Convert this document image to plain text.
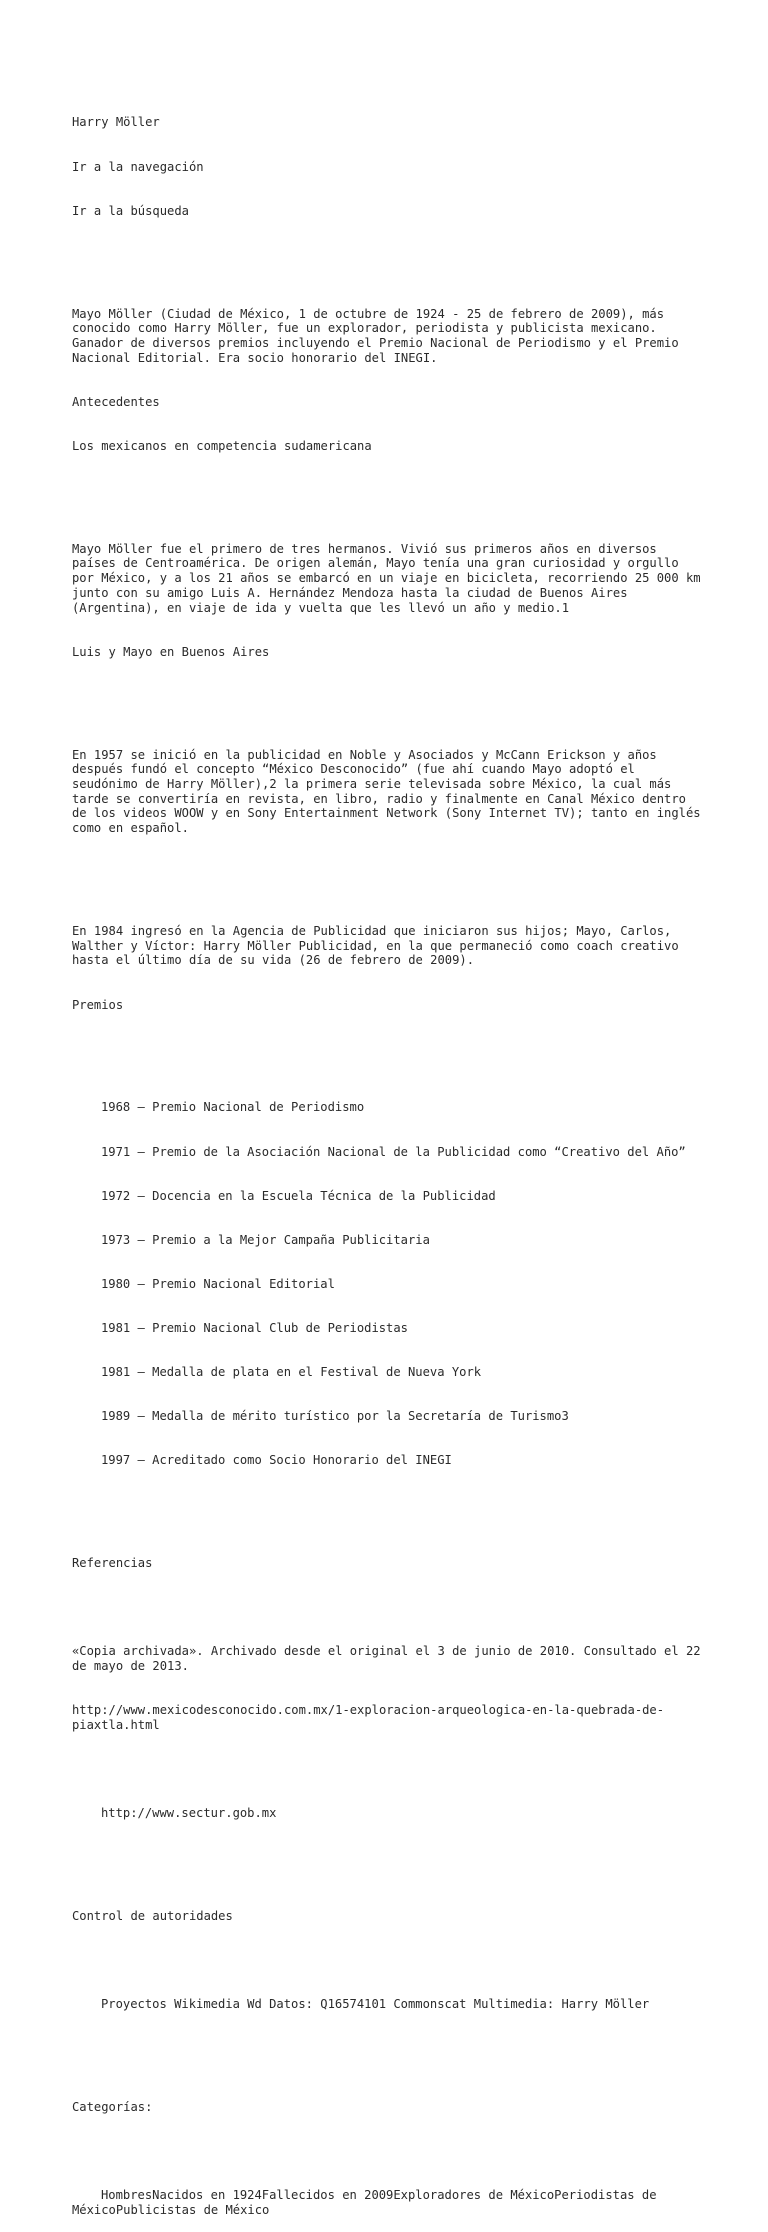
Harry Möller

Ir a la navegación

Ir a la búsqueda

Mayo Möller (Ciudad de México, 1 de octubre de 1924 - 25 de febrero de 2009), más conocido como Harry Möller, fue un explorador, periodista y publicista mexicano. Ganador de diversos premios incluyendo el Premio Nacional de Periodismo y el Premio Nacional Editorial. Era socio honorario del INEGI.

Antecedentes

Los mexicanos en competencia sudamericana

Mayo Möller fue el primero de tres hermanos. Vivió sus primeros años en diversos países de Centroamérica. De origen alemán, Mayo tenía una gran curiosidad y orgullo por México, y a los 21 años se embarcó en un viaje en bicicleta, recorriendo 25 000 km junto con su amigo Luis A. Hernández Mendoza hasta la ciudad de Buenos Aires (Argentina), en viaje de ida y vuelta que les llevó un año y medio.1

Luis y Mayo en Buenos Aires

En 1957 se inició en la publicidad en Noble y Asociados y McCann Erickson y años después fundó el concepto “México Desconocido” (fue ahí cuando Mayo adoptó el seudónimo de Harry Möller),2 la primera serie televisada sobre México, la cual más tarde se convertiría en revista, en libro, radio y finalmente en Canal México dentro de los videos WOOW y en Sony Entertainment Network (Sony Internet TV); tanto en inglés como en español.

En 1984 ingresó en la Agencia de Publicidad que iniciaron sus hijos; Mayo, Carlos, Walther y Víctor: Harry Möller Publicidad, en la que permaneció como coach creativo hasta el último día de su vida (26 de febrero de 2009).

Premios

1968 – Premio Nacional de Periodismo

1971 – Premio de la Asociación Nacional de la Publicidad como “Creativo del Año”

1972 – Docencia en la Escuela Técnica de la Publicidad

1973 – Premio a la Mejor Campaña Publicitaria

1980 – Premio Nacional Editorial

1981 – Premio Nacional Club de Periodistas

1981 – Medalla de plata en el Festival de Nueva York

1989 – Medalla de mérito turístico por la Secretaría de Turismo3

1997 – Acreditado como Socio Honorario del INEGI

Referencias

«Copia archivada». Archivado desde el original el 3 de junio de 2010. Consultado el 22 de mayo de 2013.

http://www.mexicodesconocido.com.mx/1-exploracion-arqueologica-en-la-quebrada-de-piaxtla.html

http://www.sectur.gob.mx

Control de autoridades

Proyectos Wikimedia Wd Datos: Q16574101 Commonscat Multimedia: Harry Möller

Categorías:

HombresNacidos en 1924Fallecidos en 2009Exploradores de MéxicoPeriodistas de MéxicoPublicistas de México
